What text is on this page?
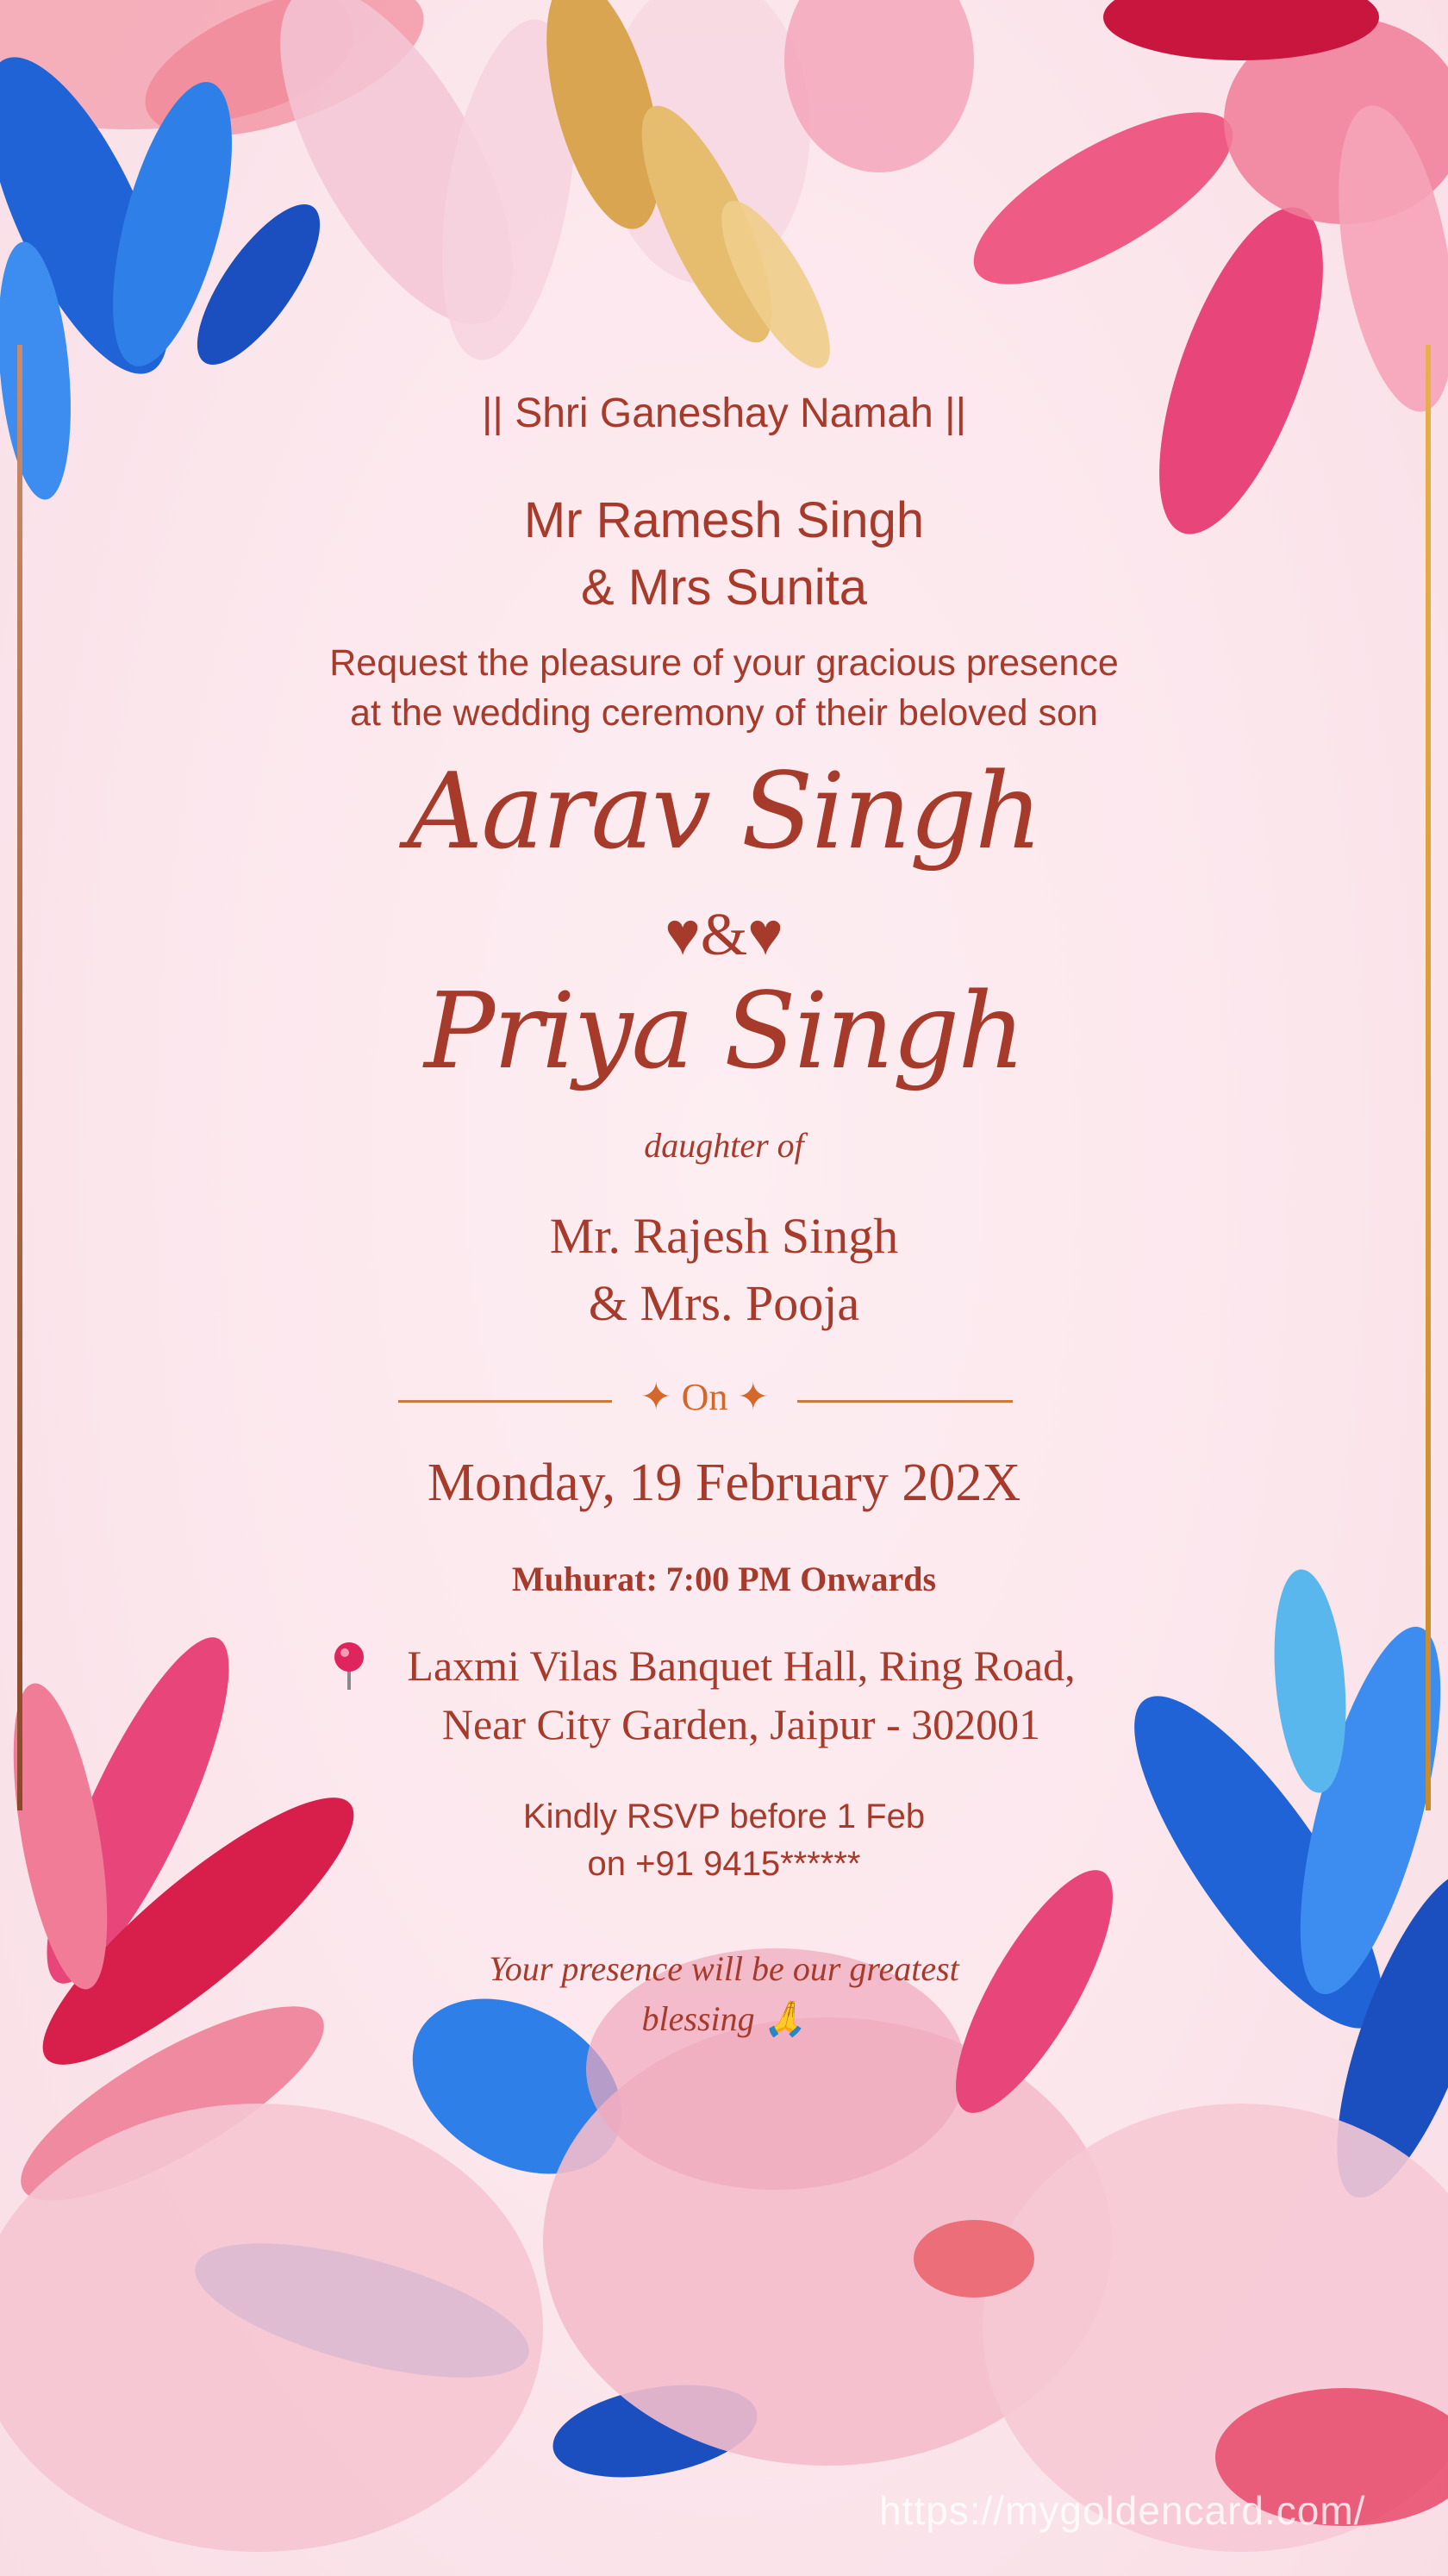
|| Shri Ganeshay Namah ||

Mr Ramesh Singh
& Mrs Sunita
Request the pleasure of your gracious presence
at the wedding ceremony of their beloved son

Aarav Singh

♥&♥

Priya Singh

daughter of

Mr. Rajesh Singh
& Mrs. Pooja
✦ On ✦

Monday, 19 February 202X

Muhurat: 7:00 PM Onwards

Laxmi Vilas Banquet Hall, Ring Road,
Near City Garden, Jaipur - 302001
Kindly RSVP before 1 Feb
on +91 9415******
Your presence will be our greatest
blessing 🙏
https://mygoldencard.com/
